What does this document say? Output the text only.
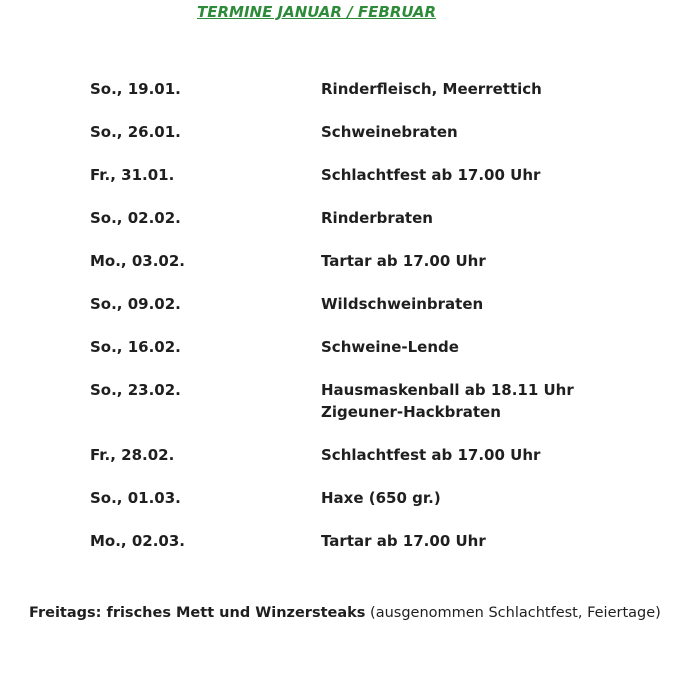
TERMINE JANUAR / FEBRUAR
So., 19.01.	Rinderfleisch, Meerrettich
So., 26.01.	Schweinebraten
Fr., 31.01.	Schlachtfest ab 17.00 Uhr
So., 02.02.	Rinderbraten
Mo., 03.02.	Tartar ab 17.00 Uhr
So., 09.02.	Wildschweinbraten
So., 16.02.	Schweine-Lende
So., 23.02.	Hausmaskenball ab 18.11 Uhr
Zigeuner-Hackbraten
Fr., 28.02.	Schlachtfest ab 17.00 Uhr
So., 01.03.	Haxe (650 gr.)
Mo., 02.03.	Tartar ab 17.00 Uhr
Freitags: frisches Mett und Winzersteaks (ausgenommen Schlachtfest, Feiertage)
